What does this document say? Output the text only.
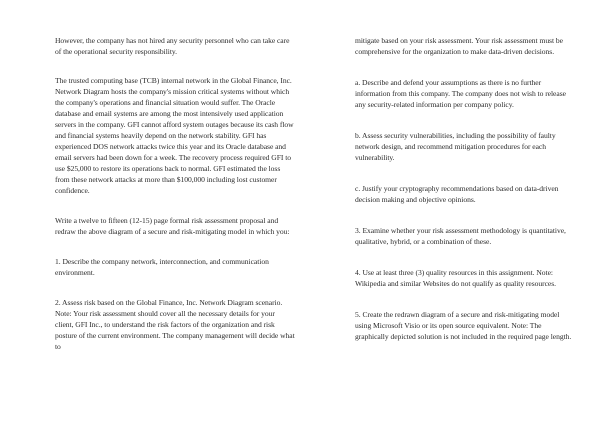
However, the company has not hired any security personnel who can take care of the operational security responsibility.

The trusted computing base (TCB) internal network in the Global Finance, Inc. Network Diagram hosts the company's mission critical systems without which the company's operations and financial situation would suffer. The Oracle database and email systems are among the most intensively used application servers in the company. GFI cannot afford system outages because its cash flow and financial systems heavily depend on the network stability. GFI has experienced DOS network attacks twice this year and its Oracle database and email servers had been down for a week. The recovery process required GFI to use $25,000 to restore its operations back to normal. GFI estimated the loss from these network attacks at more than $100,000 including lost customer confidence.

Write a twelve to fifteen (12-15) page formal risk assessment proposal and redraw the above diagram of a secure and risk-mitigating model in which you:

1. Describe the company network, interconnection, and communication environment.

2. Assess risk based on the Global Finance, Inc. Network Diagram scenario. Note: Your risk assessment should cover all the necessary details for your client, GFI Inc., to understand the risk factors of the organization and risk posture of the current environment. The company management will decide what to

mitigate based on your risk assessment. Your risk assessment must be comprehensive for the organization to make data-driven decisions.

a. Describe and defend your assumptions as there is no further information from this company. The company does not wish to release any security-related information per company policy.

b. Assess security vulnerabilities, including the possibility of faulty network design, and recommend mitigation procedures for each vulnerability.

c. Justify your cryptography recommendations based on data-driven decision making and objective opinions.

3. Examine whether your risk assessment methodology is quantitative, qualitative, hybrid, or a combination of these.

4. Use at least three (3) quality resources in this assignment. Note: Wikipedia and similar Websites do not qualify as quality resources.

5. Create the redrawn diagram of a secure and risk-mitigating model using Microsoft Visio or its open source equivalent. Note: The graphically depicted solution is not included in the required page length.
